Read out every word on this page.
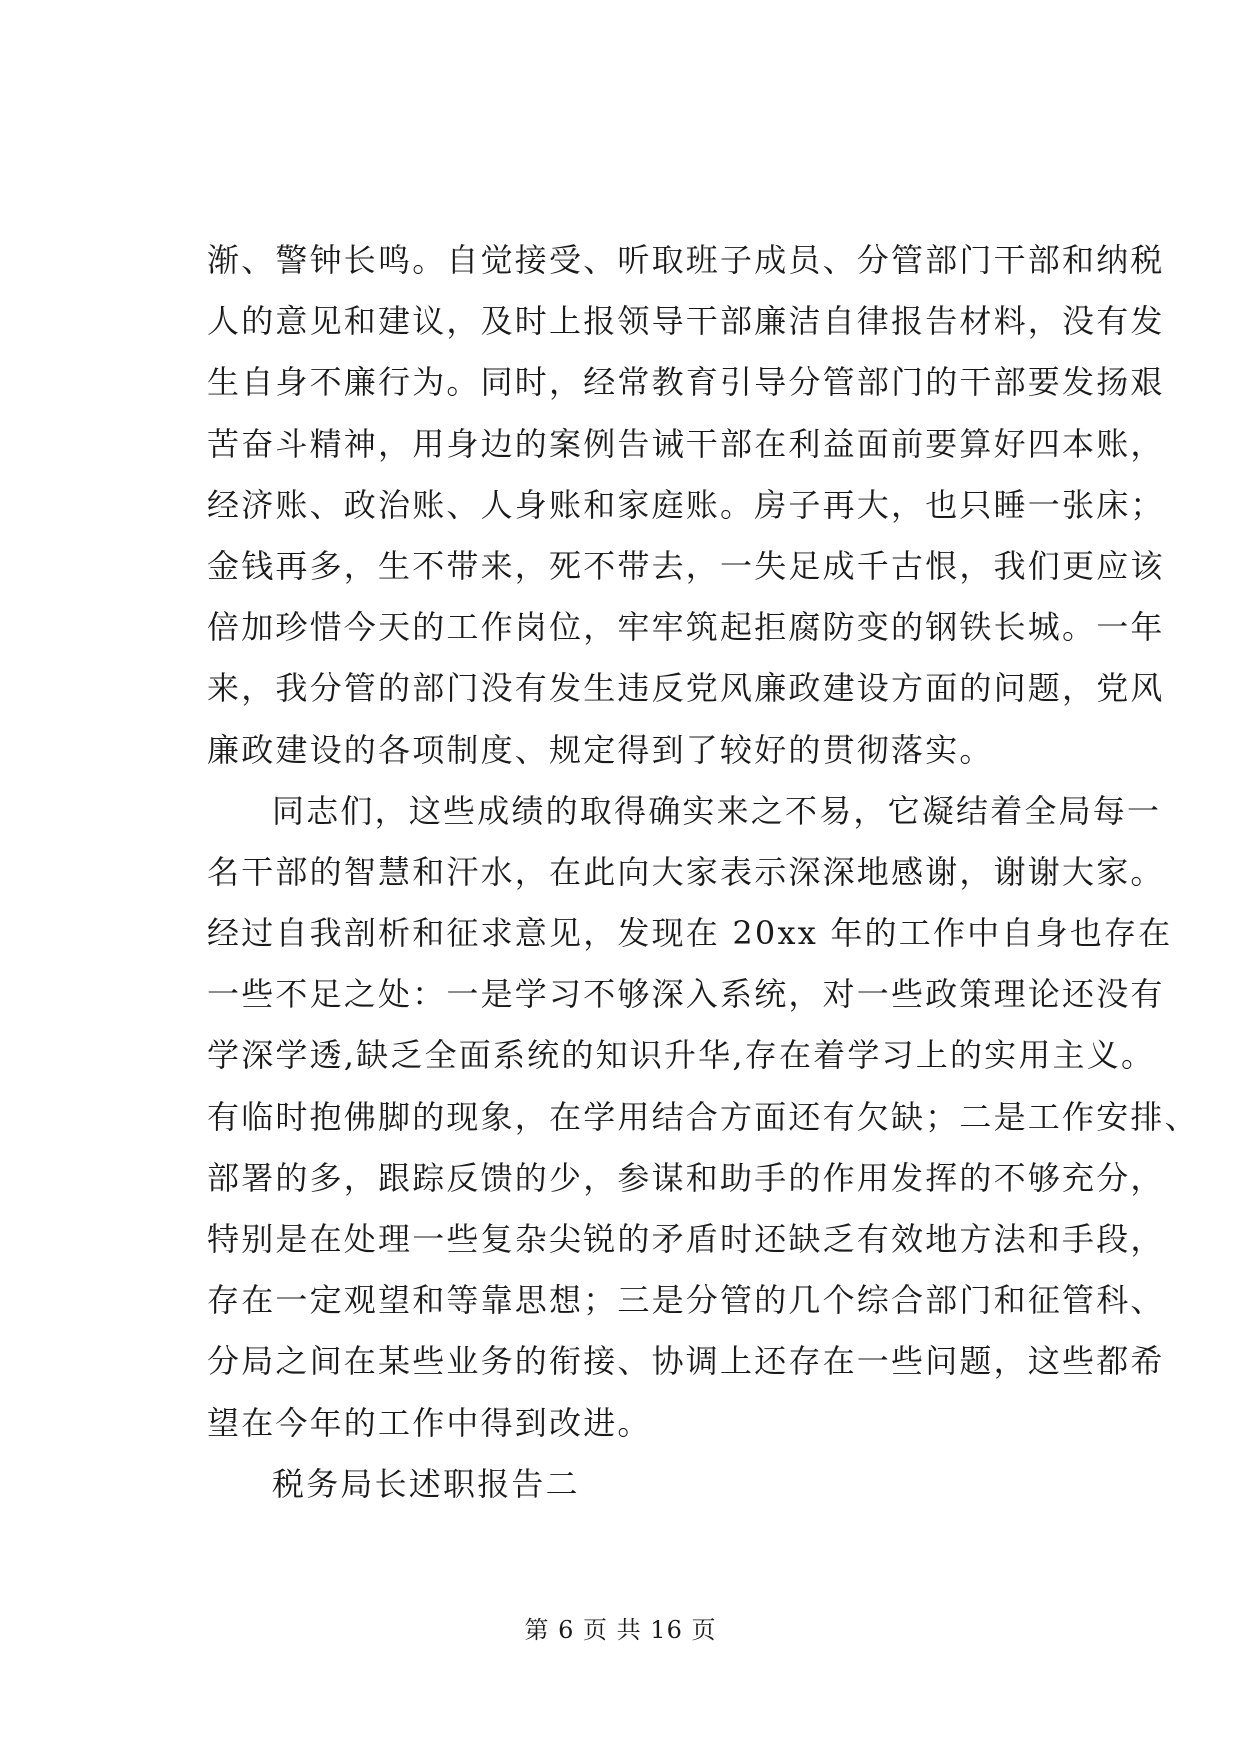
渐、警钟长鸣。自觉接受、听取班子成员、分管部门干部和纳税
人的意见和建议，及时上报领导干部廉洁自律报告材料，没有发
生自身不廉行为。同时，经常教育引导分管部门的干部要发扬艰
苦奋斗精神，用身边的案例告诫干部在利益面前要算好四本账，
经济账、政治账、人身账和家庭账。房子再大，也只睡一张床；
金钱再多，生不带来，死不带去，一失足成千古恨，我们更应该
倍加珍惜今天的工作岗位，牢牢筑起拒腐防变的钢铁长城。一年
来，我分管的部门没有发生违反党风廉政建设方面的问题，党风
廉政建设的各项制度、规定得到了较好的贯彻落实。
同志们，这些成绩的取得确实来之不易，它凝结着全局每一
名干部的智慧和汗水，在此向大家表示深深地感谢，谢谢大家。
经过自我剖析和征求意见，发现在 20xx 年的工作中自身也存在
一些不足之处：一是学习不够深入系统，对一些政策理论还没有
学深学透,缺乏全面系统的知识升华,存在着学习上的实用主义。
有临时抱佛脚的现象，在学用结合方面还有欠缺；二是工作安排、
部署的多，跟踪反馈的少，参谋和助手的作用发挥的不够充分，
特别是在处理一些复杂尖锐的矛盾时还缺乏有效地方法和手段，
存在一定观望和等靠思想；三是分管的几个综合部门和征管科、
分局之间在某些业务的衔接、协调上还存在一些问题，这些都希
望在今年的工作中得到改进。
税务局长述职报告二
第 6 页 共 16 页
